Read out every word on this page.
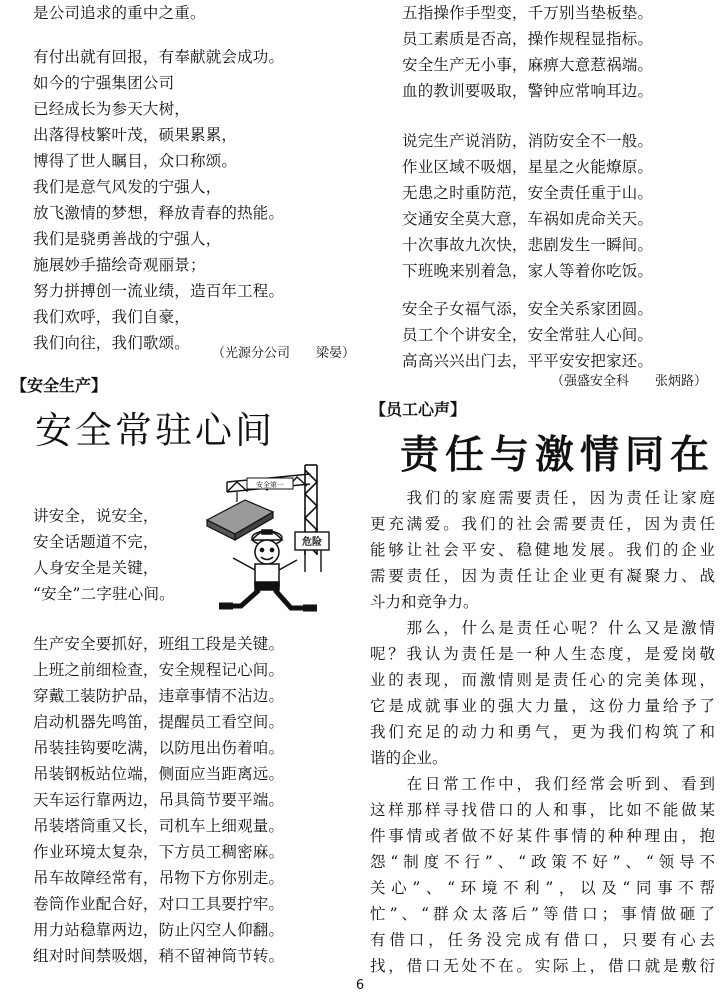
是公司追求的重中之重。
有付出就有回报，有奉献就会成功。
如今的宁强集团公司
已经成长为参天大树，
出落得枝繁叶茂，硕果累累，
博得了世人瞩目，众口称颂。
我们是意气风发的宁强人，
放飞激情的梦想，释放青春的热能。
我们是骁勇善战的宁强人，
施展妙手描绘奇观丽景；
努力拼搏创一流业绩，造百年工程。
我们欢呼，我们自豪，
我们向往，我们歌颂。
（光源分公司　　梁晏）
【安全生产】
安全常驻心间
讲安全，说安全，
安全话题道不完，
人身安全是关键，
“安全”二字驻心间。
生产安全要抓好，班组工段是关键。
上班之前细检查，安全规程记心间。
穿戴工装防护品，违章事情不沾边。
启动机器先鸣笛，提醒员工看空间。
吊装挂钩要吃满，以防甩出伤着咱。
吊装钢板站位端，侧面应当距离远。
天车运行靠两边，吊具筒节要平端。
吊装塔筒重又长，司机车上细观量。
作业环境太复杂，下方员工稠密麻。
吊车故障经常有，吊物下方你别走。
卷筒作业配合好，对口工具要拧牢。
用力站稳靠两边，防止闪空人仰翻。
组对时间禁吸烟，稍不留神筒节转。
安全第一
危险
五指操作手型变，千万别当垫板垫。
员工素质是否高，操作规程显指标。
安全生产无小事，麻痹大意惹祸端。
血的教训要吸取，警钟应常响耳边。
说完生产说消防，消防安全不一般。
作业区域不吸烟，星星之火能燎原。
无患之时重防范，安全责任重于山。
交通安全莫大意，车祸如虎命关天。
十次事故九次快，悲剧发生一瞬间。
下班晚来别着急，家人等着你吃饭。
安全子女福气添，安全关系家团圆。
员工个个讲安全，安全常驻人心间。
高高兴兴出门去，平平安安把家还。
（强盛安全科　　张炳路）
【员工心声】
责任与激情同在
　　我们的家庭需要责任，因为责任让家庭
更充满爱。我们的社会需要责任，因为责任
能够让社会平安、稳健地发展。我们的企业
需要责任，因为责任让企业更有凝聚力、战
斗力和竞争力。
　　那么，什么是责任心呢？什么又是激情
呢？我认为责任是一种人生态度，是爱岗敬
业的表现，而激情则是责任心的完美体现，
它是成就事业的强大力量，这份力量给予了
我们充足的动力和勇气，更为我们构筑了和
谐的企业。
　　在日常工作中，我们经常会听到、看到
这样那样寻找借口的人和事，比如不能做某
件事情或者做不好某件事情的种种理由，抱
怨“制度不行”、“政策不好”、“领导不
关心”、“环境不利”，以及“同事不帮
忙”、“群众太落后”等借口；事情做砸了
有借口，任务没完成有借口，只要有心去
找，借口无处不在。实际上，借口就是敷衍
6
